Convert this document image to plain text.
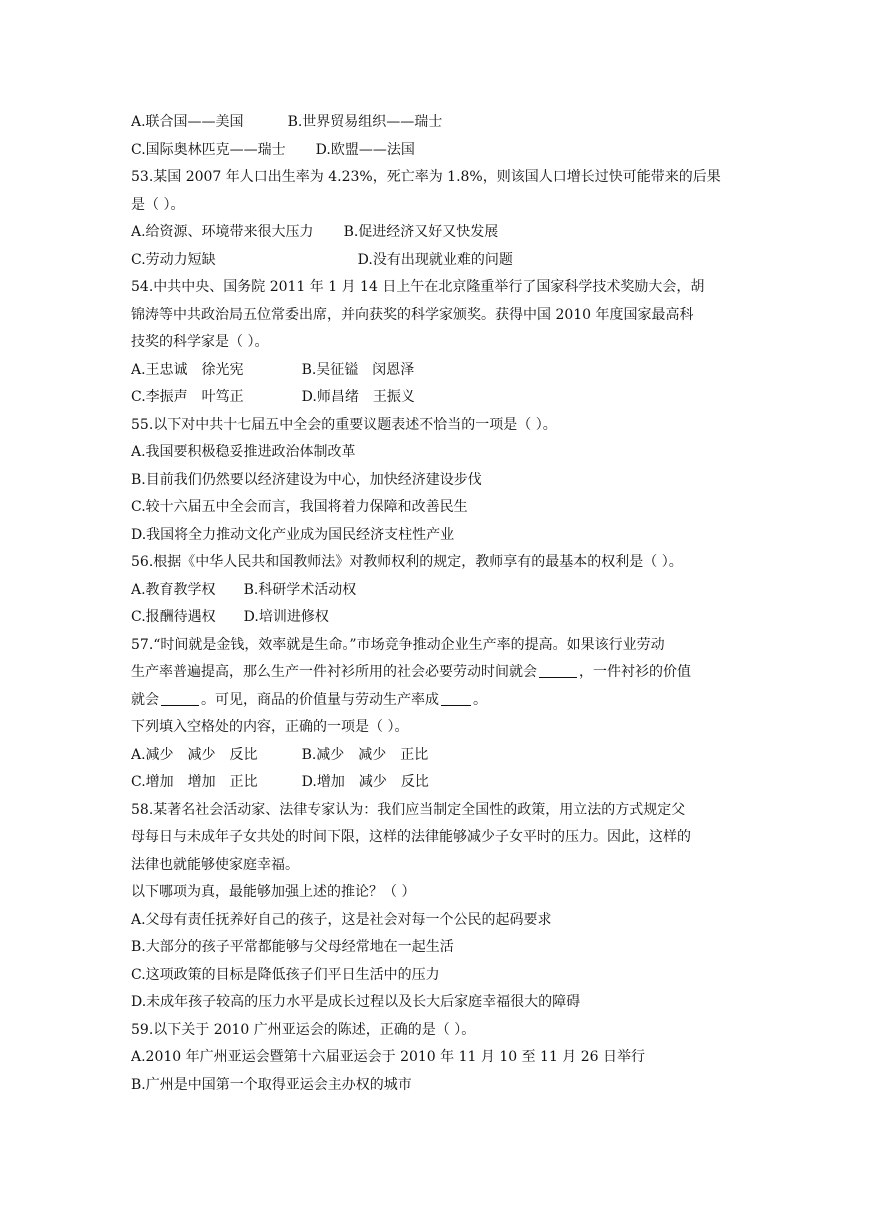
A.联合国——美国	B.世界贸易组织——瑞士
C.国际奥林匹克——瑞士 D.欧盟——法国
53.某国 2007 年人口出生率为 4.23%，死亡率为 1.8%，则该国人口增长过快可能带来的后果
是（ ）。
A.给资源、环境带来很大压力 B.促进经济又好又快发展
C.劳动力短缺	D.没有出现就业难的问题
54.中共中央、国务院 2011 年 1 月 14 日上午在北京隆重举行了国家科学技术奖励大会，胡
锦涛等中共政治局五位常委出席，并向获奖的科学家颁奖。获得中国 2010 年度国家最高科
技奖的科学家是（ ）。
A.王忠诚　徐光宪	B.吴征镒　闵恩泽
C.李振声　叶笃正	D.师昌绪　王振义
55.以下对中共十七届五中全会的重要议题表述不恰当的一项是（ ）。
A.我国要积极稳妥推进政治体制改革
B.目前我们仍然要以经济建设为中心，加快经济建设步伐
C.较十六届五中全会而言，我国将着力保障和改善民生
D.我国将全力推动文化产业成为国民经济支柱性产业
56.根据《中华人民共和国教师法》对教师权利的规定，教师享有的最基本的权利是（ ）。
A.教育教学权 B.科研学术活动权
C.报酬待遇权 D.培训进修权
57.“时间就是金钱，效率就是生命。”市场竞争推动企业生产率的提高。如果该行业劳动
生产率普遍提高，那么生产一件衬衫所用的社会必要劳动时间就会	，一件衬衫的价值
就会	。可见，商品的价值量与劳动生产率成 。
下列填入空格处的内容，正确的一项是（ ）。
A.减少　减少　反比	B.减少　减少　正比
C.增加　增加　正比	D.增加　减少　反比
58.某著名社会活动家、法律专家认为：我们应当制定全国性的政策，用立法的方式规定父
母每日与未成年子女共处的时间下限，这样的法律能够减少子女平时的压力。因此，这样的
法律也就能够使家庭幸福。
以下哪项为真，最能够加强上述的推论？（ ）
A.父母有责任抚养好自己的孩子，这是社会对每一个公民的起码要求
B.大部分的孩子平常都能够与父母经常地在一起生活
C.这项政策的目标是降低孩子们平日生活中的压力
D.未成年孩子较高的压力水平是成长过程以及长大后家庭幸福很大的障碍
59.以下关于 2010 广州亚运会的陈述，正确的是（ ）。
A.2010 年广州亚运会暨第十六届亚运会于 2010 年 11 月 10 至 11 月 26 日举行
B.广州是中国第一个取得亚运会主办权的城市
